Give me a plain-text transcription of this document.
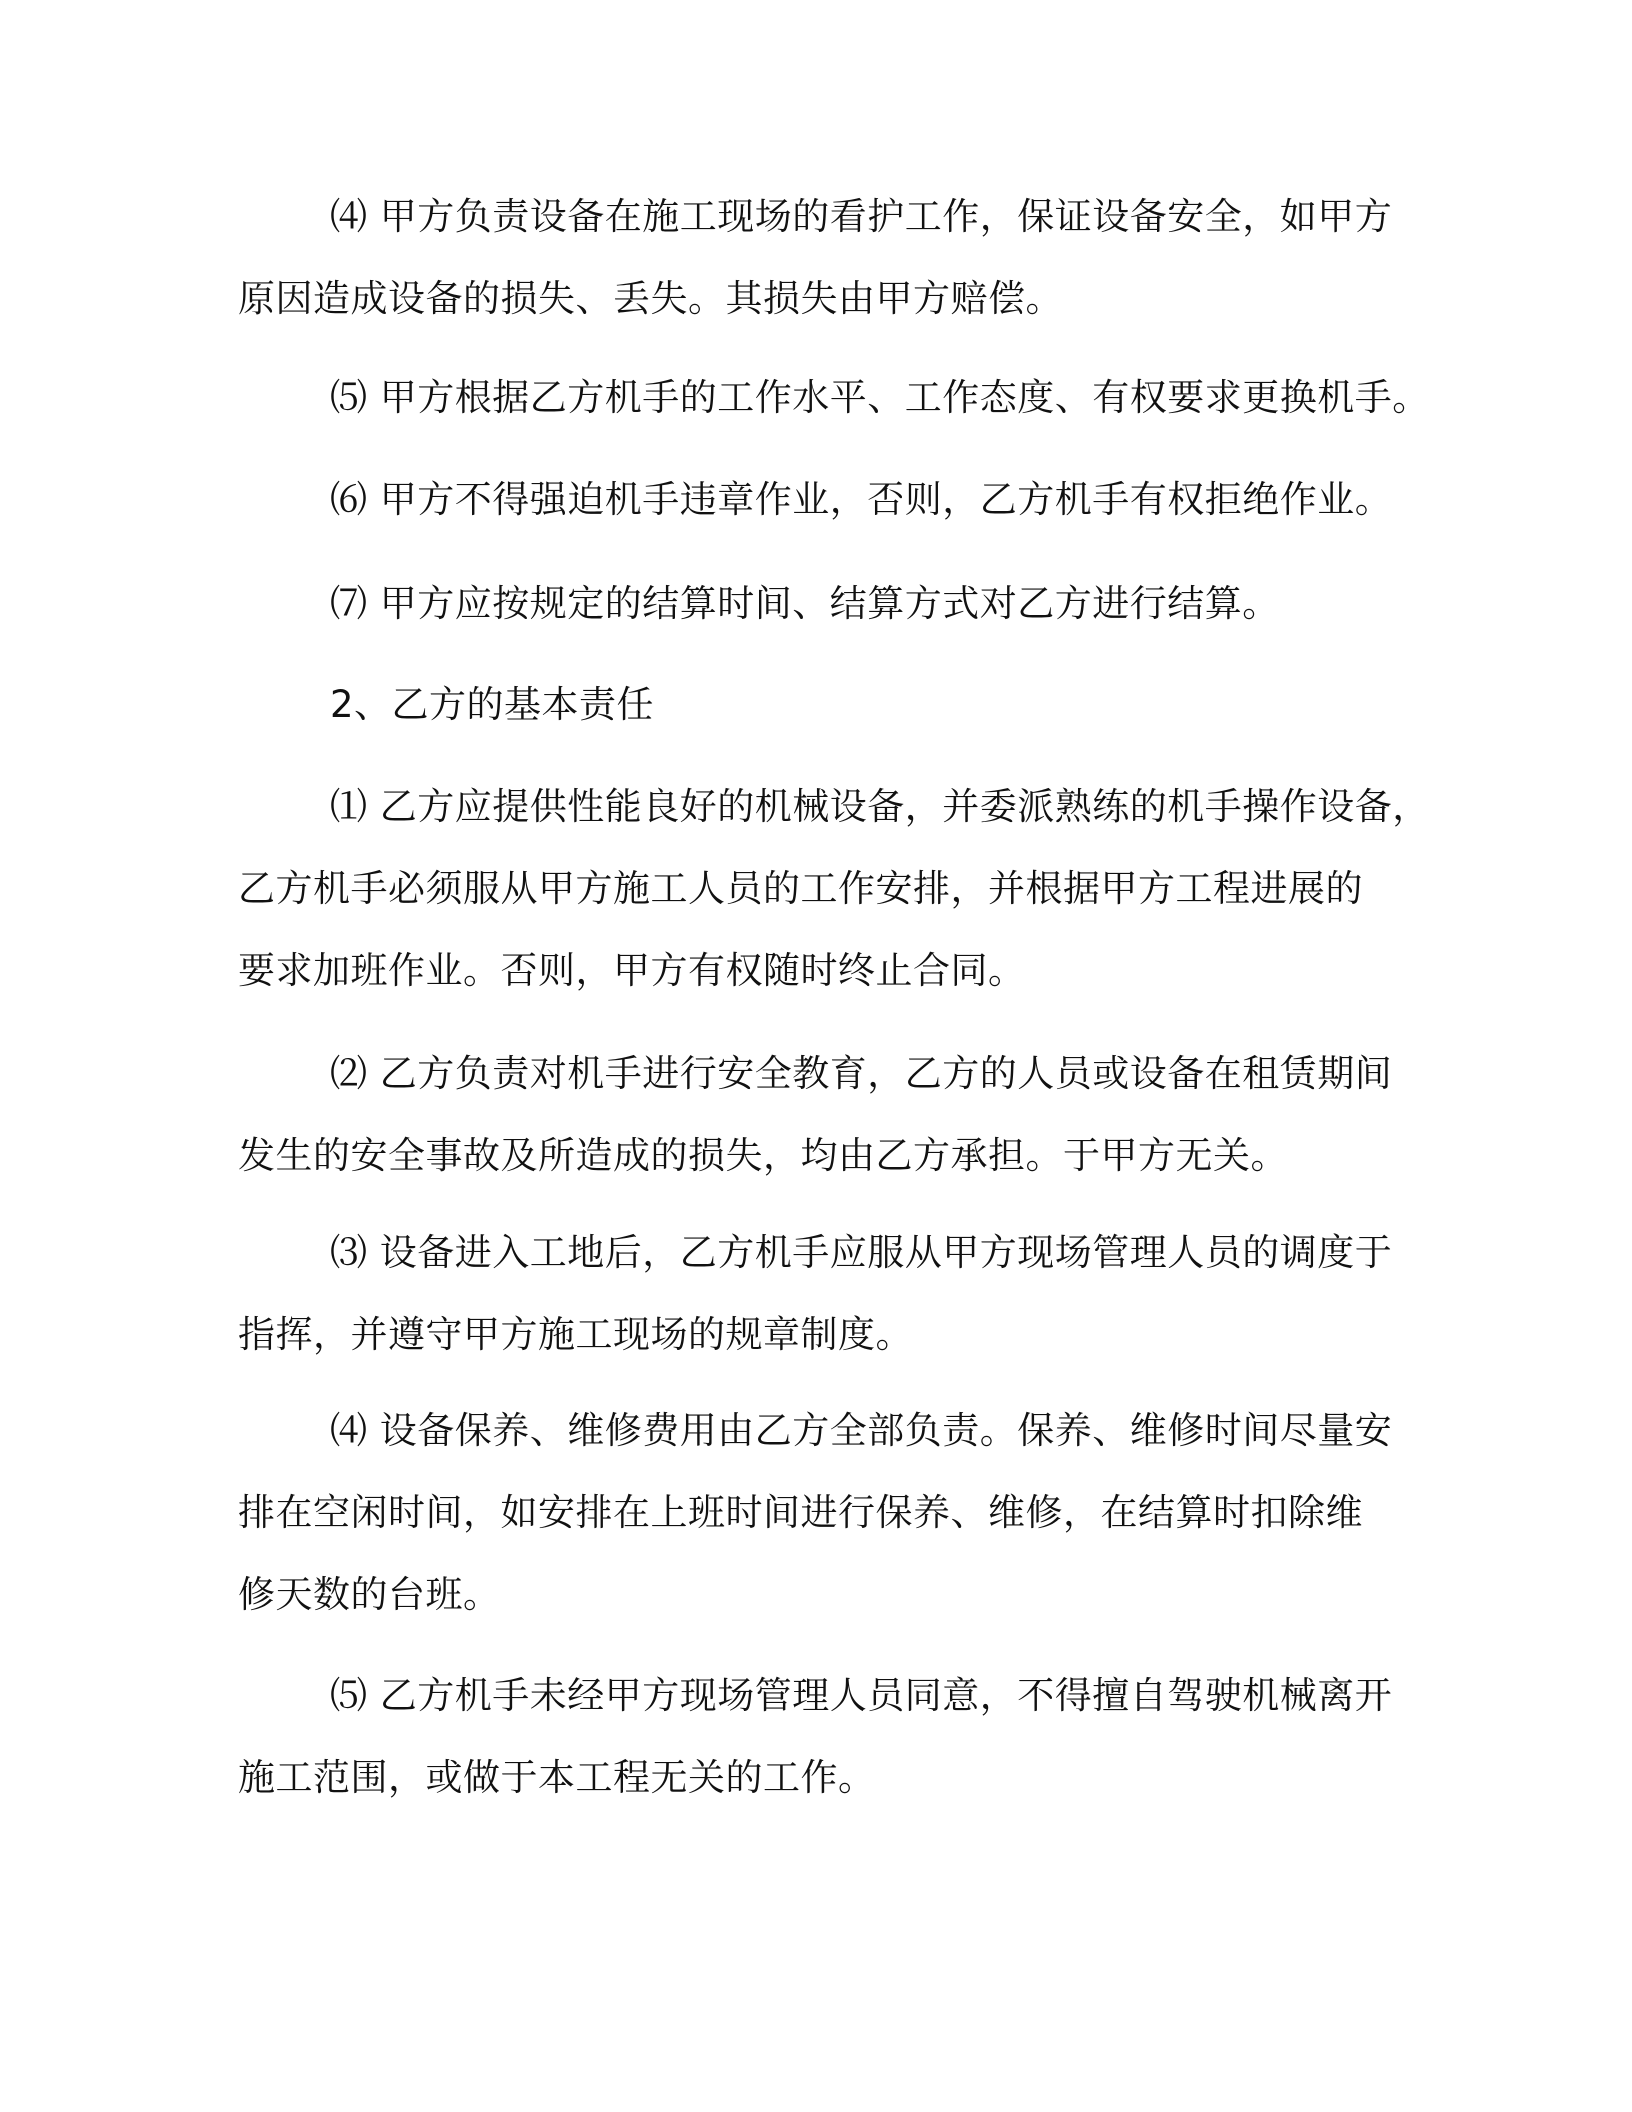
⑷ 甲方负责设备在施工现场的看护工作，保证设备安全，如甲方
原因造成设备的损失、丢失。其损失由甲方赔偿。
⑸ 甲方根据乙方机手的工作水平、工作态度、有权要求更换机手。
⑹ 甲方不得强迫机手违章作业，否则，乙方机手有权拒绝作业。
⑺ 甲方应按规定的结算时间、结算方式对乙方进行结算。
2、乙方的基本责任
⑴ 乙方应提供性能良好的机械设备，并委派熟练的机手操作设备，
乙方机手必须服从甲方施工人员的工作安排，并根据甲方工程进展的
要求加班作业。否则，甲方有权随时终止合同。
⑵ 乙方负责对机手进行安全教育，乙方的人员或设备在租赁期间
发生的安全事故及所造成的损失，均由乙方承担。于甲方无关。
⑶ 设备进入工地后，乙方机手应服从甲方现场管理人员的调度于
指挥，并遵守甲方施工现场的规章制度。
⑷ 设备保养、维修费用由乙方全部负责。保养、维修时间尽量安
排在空闲时间，如安排在上班时间进行保养、维修，在结算时扣除维
修天数的台班。
⑸ 乙方机手未经甲方现场管理人员同意，不得擅自驾驶机械离开
施工范围，或做于本工程无关的工作。
